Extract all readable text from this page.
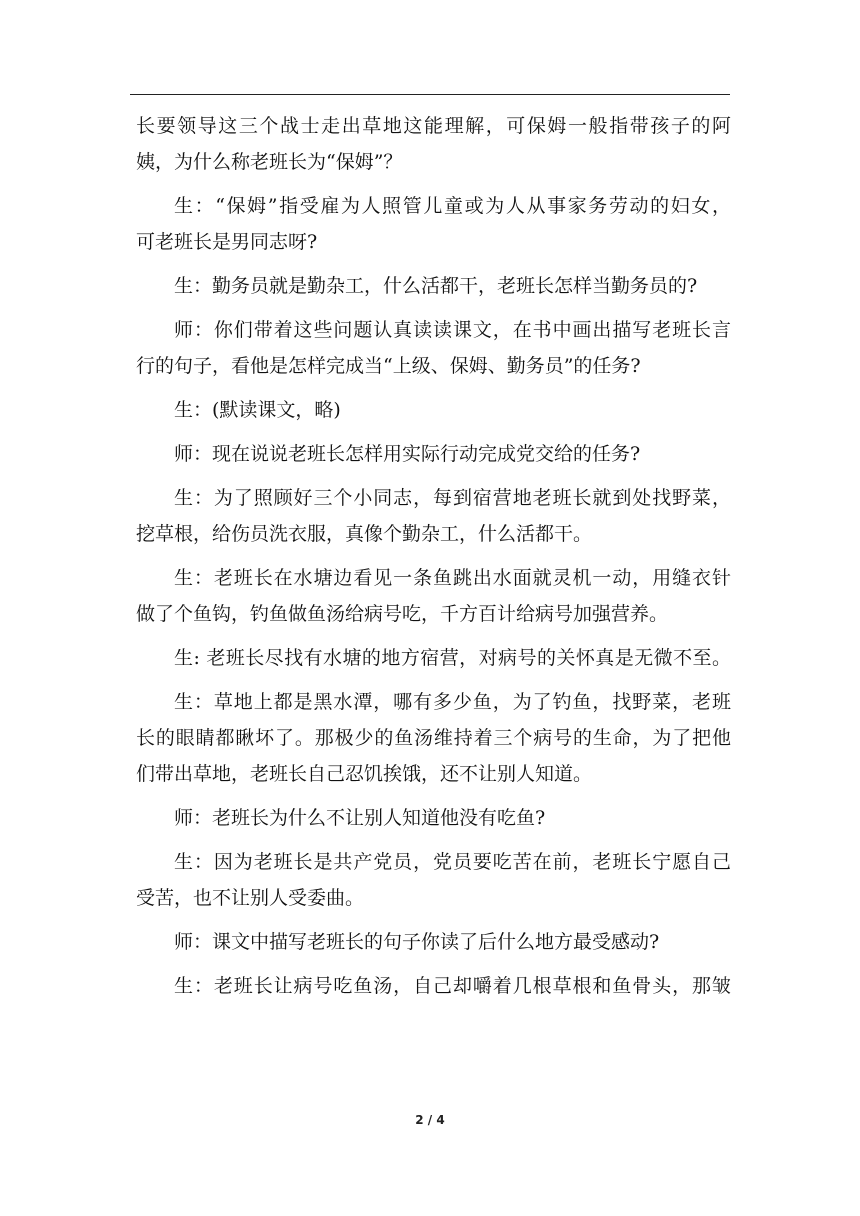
长要领导这三个战士走出草地这能理解，可保姆一般指带孩子的阿
姨，为什么称老班长为“保姆”？
生：“保姆”指受雇为人照管儿童或为人从事家务劳动的妇女，
可老班长是男同志呀?
生：勤务员就是勤杂工，什么活都干，老班长怎样当勤务员的?
师：你们带着这些问题认真读读课文，在书中画出描写老班长言
行的句子，看他是怎样完成当“上级、保姆、勤务员”的任务?
生：(默读课文，略)
师：现在说说老班长怎样用实际行动完成党交给的任务?
生：为了照顾好三个小同志，每到宿营地老班长就到处找野菜，
挖草根，给伤员洗衣服，真像个勤杂工，什么活都干。
生：老班长在水塘边看见一条鱼跳出水面就灵机一动，用缝衣针
做了个鱼钩，钓鱼做鱼汤给病号吃，千方百计给病号加强营养。
生: 老班长尽找有水塘的地方宿营，对病号的关怀真是无微不至。
生：草地上都是黑水潭，哪有多少鱼，为了钓鱼，找野菜，老班
长的眼睛都瞅坏了。那极少的鱼汤维持着三个病号的生命，为了把他
们带出草地，老班长自己忍饥挨饿，还不让别人知道。
师：老班长为什么不让别人知道他没有吃鱼?
生：因为老班长是共产党员，党员要吃苦在前，老班长宁愿自己
受苦，也不让别人受委曲。
师：课文中描写老班长的句子你读了后什么地方最受感动?
生：老班长让病号吃鱼汤，自己却嚼着几根草根和鱼骨头，那皱
2 / 4
